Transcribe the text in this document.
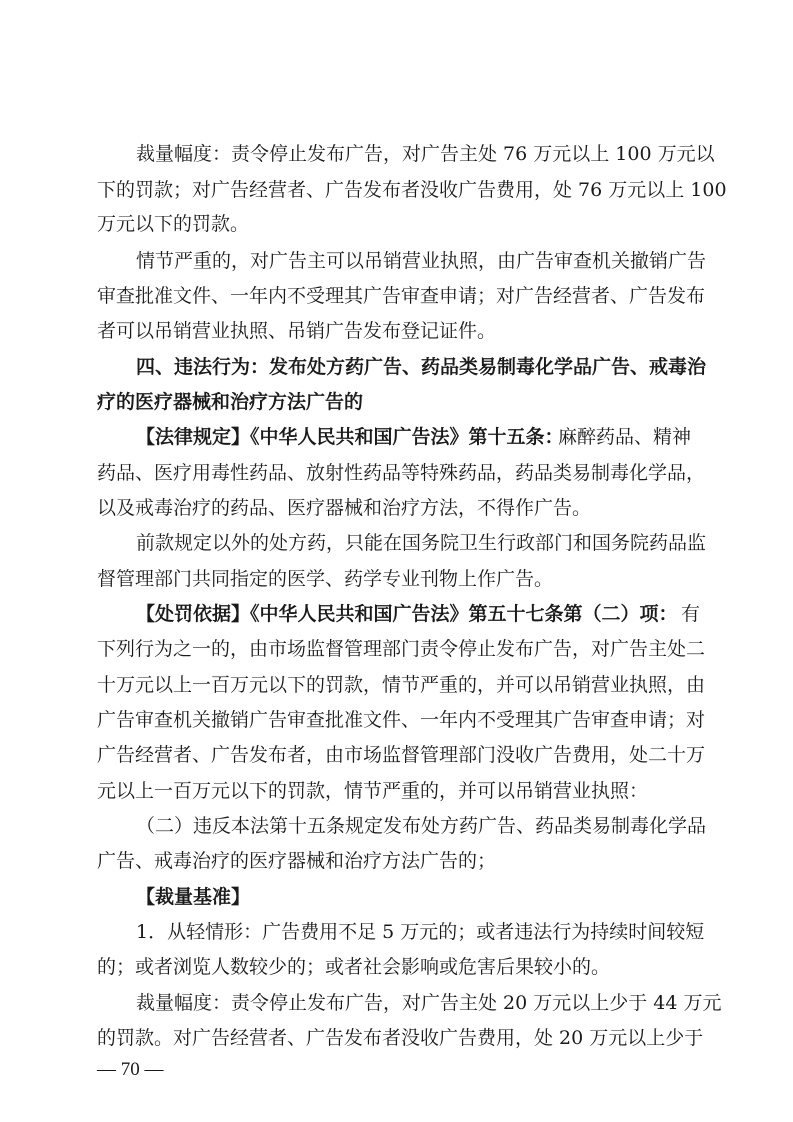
裁量幅度：责令停止发布广告，对广告主处 76 万元以上 100 万元以
下的罚款；对广告经营者、广告发布者没收广告费用，处 76 万元以上 100
万元以下的罚款。
情节严重的，对广告主可以吊销营业执照，由广告审查机关撤销广告
审查批准文件、一年内不受理其广告审查申请；对广告经营者、广告发布
者可以吊销营业执照、吊销广告发布登记证件。
四、违法行为：发布处方药广告、药品类易制毒化学品广告、戒毒治
疗的医疗器械和治疗方法广告的
【法律规定】《中华人民共和国广告法》第十五条：
麻醉药品、精神
药品、医疗用毒性药品、放射性药品等特殊药品，药品类易制毒化学品，
以及戒毒治疗的药品、医疗器械和治疗方法，不得作广告。
前款规定以外的处方药，只能在国务院卫生行政部门和国务院药品监
督管理部门共同指定的医学、药学专业刊物上作广告。
【处罚依据】《中华人民共和国广告法》第五十七条第（二）项： 有
下列行为之一的，由市场监督管理部门责令停止发布广告，对广告主处二
十万元以上一百万元以下的罚款，情节严重的，并可以吊销营业执照，由
广告审查机关撤销广告审查批准文件、一年内不受理其广告审查申请；对
广告经营者、广告发布者，由市场监督管理部门没收广告费用，处二十万
元以上一百万元以下的罚款，情节严重的，并可以吊销营业执照：
（二）违反本法第十五条规定发布处方药广告、药品类易制毒化学品
广告、戒毒治疗的医疗器械和治疗方法广告的；
【裁量基准】
1．从轻情形：广告费用不足 5 万元的；或者违法行为持续时间较短
的；或者浏览人数较少的；或者社会影响或危害后果较小的。
裁量幅度：责令停止发布广告，对广告主处 20 万元以上少于 44 万元
的罚款。对广告经营者、广告发布者没收广告费用，处 20 万元以上少于
— 70 —
